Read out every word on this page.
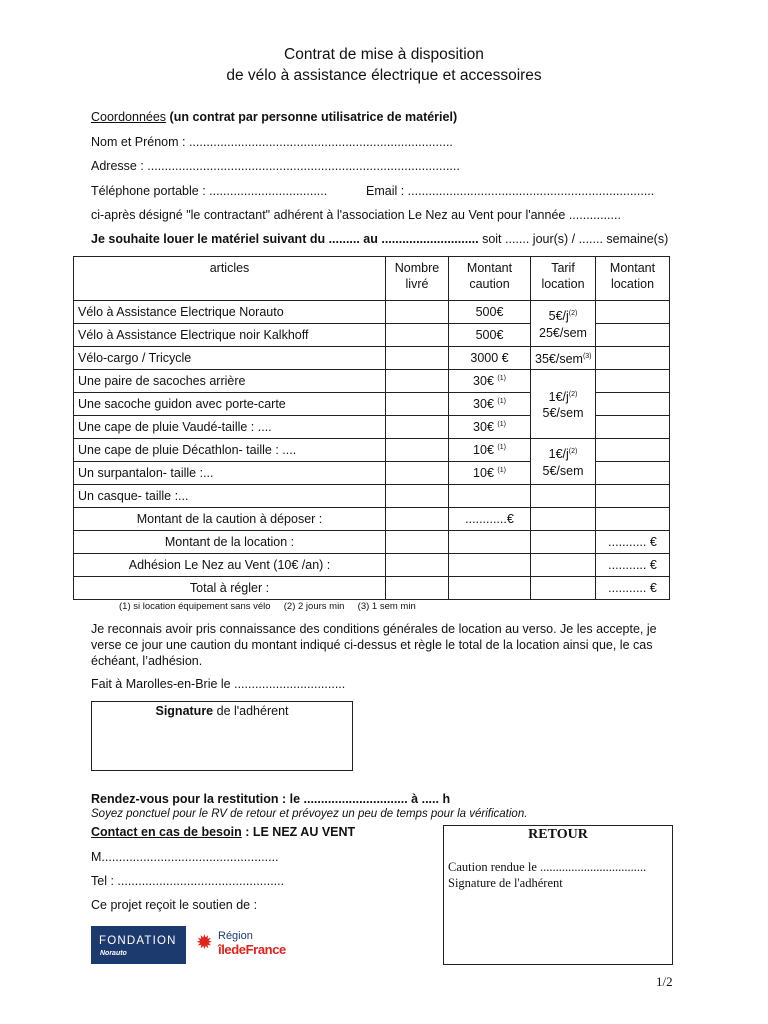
Contrat de mise à disposition
de vélo à assistance électrique et accessoires
Coordonnées (un contrat par personne utilisatrice de matériel)
Nom et Prénom : ............................................................................
Adresse : ..........................................................................................
Téléphone portable : ..................................	Email : .......................................................................
ci-après désigné "le contractant" adhérent à l'association Le Nez au Vent pour l'année ...............
Je souhaite louer le matériel suivant du ......... au ............................ soit ....... jour(s) / ....... semaine(s)
articles	Nombre livré	Montant caution	Tarif location	Montant location
Vélo à Assistance Electrique Norauto		500€	$5€/j^{(2)}$
25€/sem	
Vélo à Assistance Electrique noir Kalkhoff		500€		
Vélo-cargo / Tricycle		3000 €	35€/sem$^{(3)}$	
Une paire de sacoches arrière		30€ $^{(1)}$	$1€/j^{(2)}$
5€/sem	
Une sacoche guidon avec porte-carte		30€ $^{(1)}$	
Une cape de pluie Vaudé-taille : ....		30€ $^{(1)}$	
Une cape de pluie Décathlon- taille : ....		10€ $^{(1)}$	$1€/j^{(2)}$
5€/sem	
Un surpantalon- taille :...		10€ $^{(1)}$	
Un casque- taille :...				
Montant de la caution à déposer :		............€		
Montant de la location :				........... €
Adhésion Le Nez au Vent (10€ /an) :				........... €
Total à régler :				........... €
(1) si location équipement sans vélo     (2) 2 jours min     (3) 1 sem min
Je reconnais avoir pris connaissance des conditions générales de location au verso. Je les accepte, je verse ce jour une caution du montant indiqué ci-dessus et règle le total de la location ainsi que, le cas échéant, l’adhésion.
Fait à Marolles-en-Brie le ................................
Signature de l'adhérent
Rendez-vous pour la restitution : le .............................. à ..... h
Soyez ponctuel pour le RV de retour et prévoyez un peu de temps pour la vérification.
Contact en cas de besoin : LE NEZ AU VENT
M...................................................
Tel : ................................................
Ce projet reçoit le soutien de :
RETOUR
Caution rendue le ..................................
Signature de l'adhérent
FONDATION
Norauto	✹ Région
îledeFrance
1/2
